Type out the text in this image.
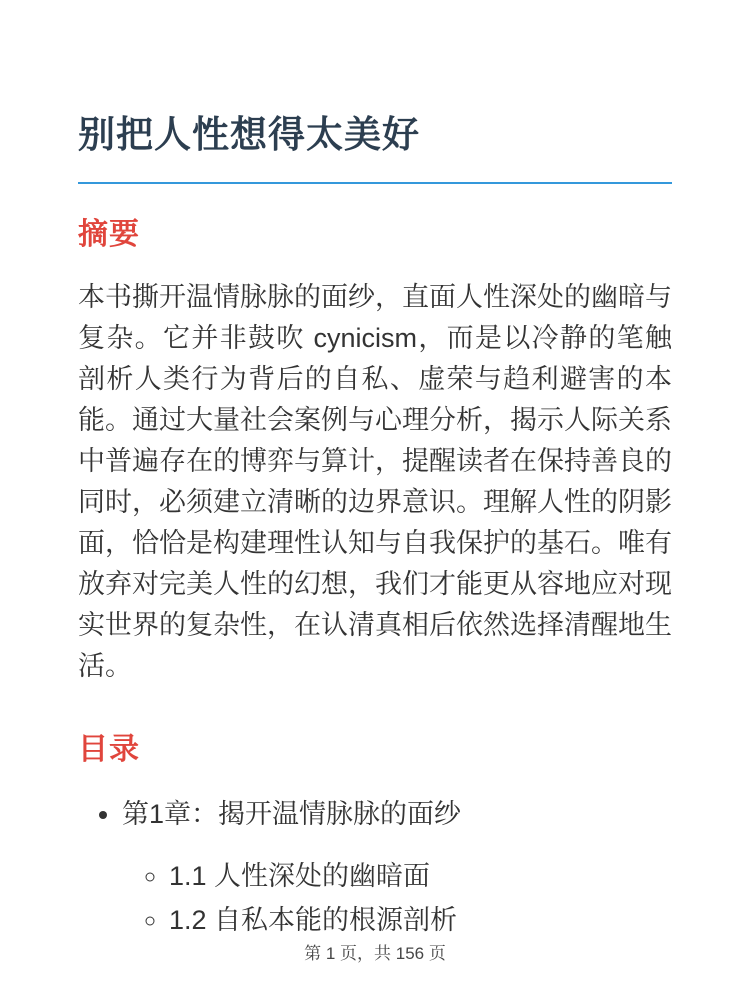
别把人性想得太美好
摘要

本书撕开温情脉脉的面纱，直面人性深处的幽暗与复杂。它并非鼓吹 cynicism，而是以冷静的笔触剖析人类行为背后的自私、虚荣与趋利避害的本能。通过大量社会案例与心理分析，揭示人际关系中普遍存在的博弈与算计，提醒读者在保持善良的同时，必须建立清晰的边界意识。理解人性的阴影面，恰恰是构建理性认知与自我保护的基石。唯有放弃对完美人性的幻想，我们才能更从容地应对现实世界的复杂性，在认清真相后依然选择清醒地生活。

目录
• 第1章：揭开温情脉脉的面纱
◦ 1.1 人性深处的幽暗面
◦ 1.2 自私本能的根源剖析
第 1 页，共 156 页
